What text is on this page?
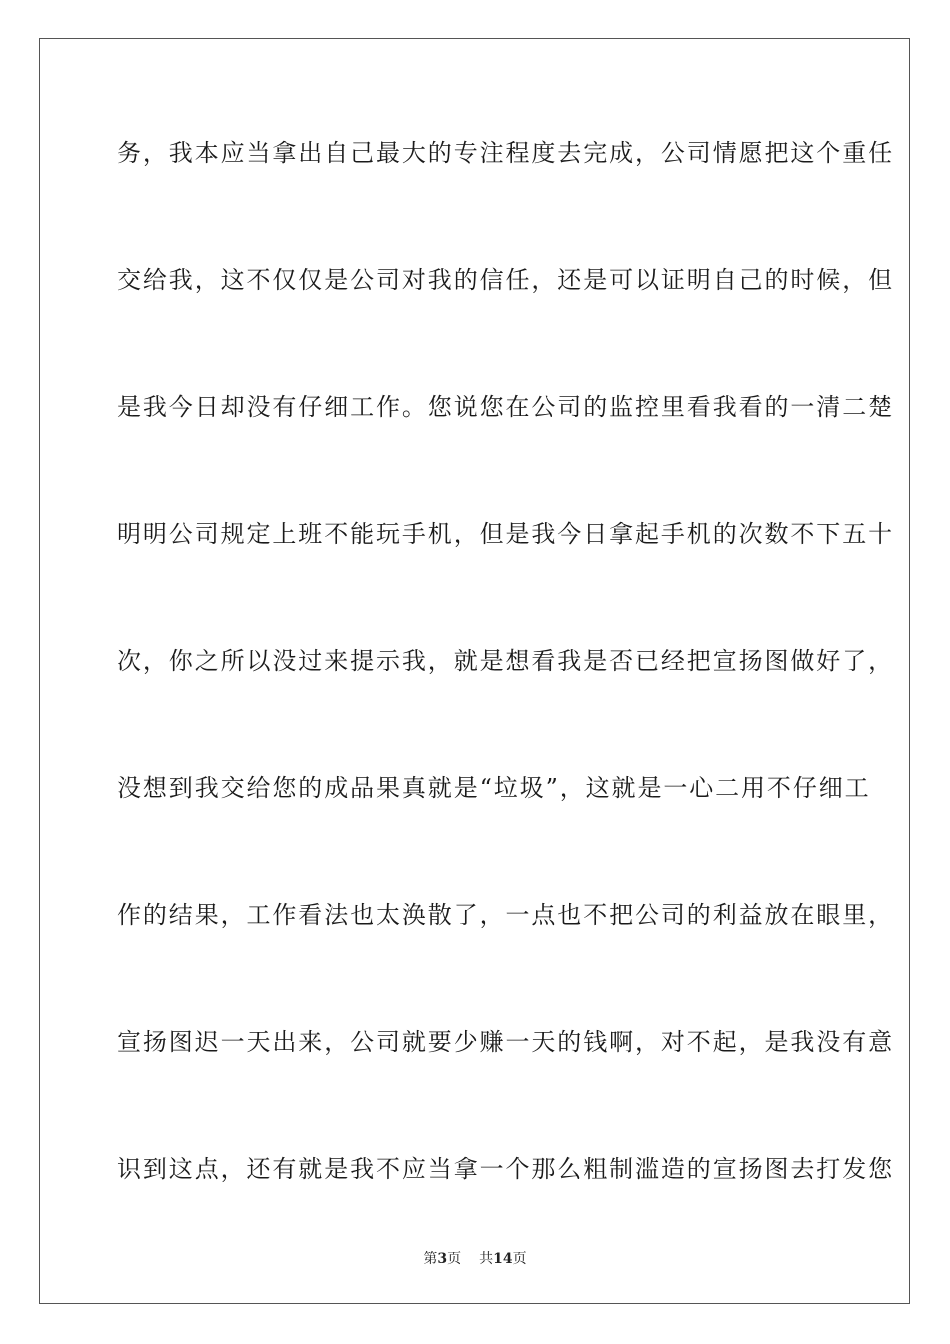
务，我本应当拿出自己最大的专注程度去完成，公司情愿把这个重任
交给我，这不仅仅是公司对我的信任，还是可以证明自己的时候，但
是我今日却没有仔细工作。您说您在公司的监控里看我看的一清二楚
明明公司规定上班不能玩手机，但是我今日拿起手机的次数不下五十
次，你之所以没过来提示我，就是想看我是否已经把宣扬图做好了，
没想到我交给您的成品果真就是“垃圾”，这就是一心二用不仔细工
作的结果，工作看法也太涣散了，一点也不把公司的利益放在眼里，
宣扬图迟一天出来，公司就要少赚一天的钱啊，对不起，是我没有意
识到这点，还有就是我不应当拿一个那么粗制滥造的宣扬图去打发您
第3页 共14页
